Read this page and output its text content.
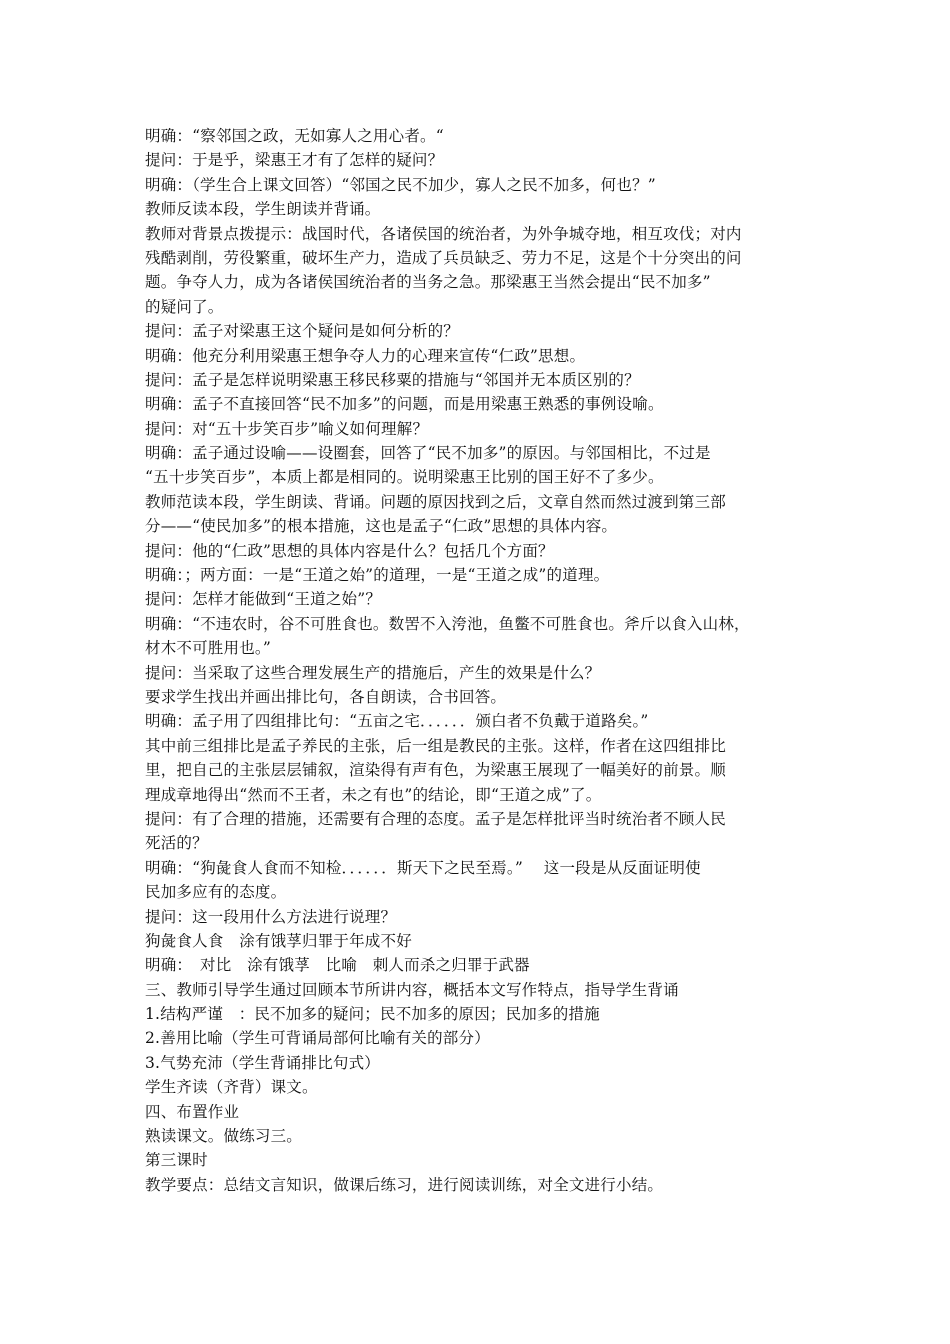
明确：“察邻国之政，无如寡人之用心者。“
提问：于是乎，梁惠王才有了怎样的疑问？
明确：（学生合上课文回答）“邻国之民不加少，寡人之民不加多，何也？”
教师反读本段，学生朗读并背诵。
教师对背景点拨提示：战国时代，各诸侯国的统治者，为外争城夺地，相互攻伐；对内
残酷剥削，劳役繁重，破坏生产力，造成了兵员缺乏、劳力不足，这是个十分突出的问
题。争夺人力，成为各诸侯国统治者的当务之急。那梁惠王当然会提出“民不加多”
的疑问了。
提问：孟子对梁惠王这个疑问是如何分析的？
明确：他充分利用梁惠王想争夺人力的心理来宣传“仁政”思想。
提问：孟子是怎样说明梁惠王移民移粟的措施与“邻国并无本质区别的？
明确：孟子不直接回答“民不加多”的问题，而是用梁惠王熟悉的事例设喻。
提问：对“五十步笑百步”喻义如何理解？
明确：孟子通过设喻——设圈套，回答了“民不加多”的原因。与邻国相比，不过是
“五十步笑百步”，本质上都是相同的。说明梁惠王比别的国王好不了多少。
教师范读本段，学生朗读、背诵。问题的原因找到之后，文章自然而然过渡到第三部
分——“使民加多”的根本措施，这也是孟子“仁政”思想的具体内容。
提问：他的“仁政”思想的具体内容是什么？包括几个方面？
明确：；两方面：一是“王道之始”的道理，一是“王道之成”的道理。
提问：怎样才能做到“王道之始”？
明确：“不违农时，谷不可胜食也。数罟不入洿池，鱼鳖不可胜食也。斧斤以食入山林，
材木不可胜用也。”
提问：当采取了这些合理发展生产的措施后，产生的效果是什么？
要求学生找出并画出排比句，各自朗读，合书回答。
明确：孟子用了四组排比句：“五亩之宅．．．．．．颁白者不负戴于道路矣。”
其中前三组排比是孟子养民的主张，后一组是教民的主张。这样，作者在这四组排比
里，把自己的主张层层铺叙，渲染得有声有色，为梁惠王展现了一幅美好的前景。顺
理成章地得出“然而不王者，未之有也”的结论，即“王道之成”了。
提问：有了合理的措施，还需要有合理的态度。孟子是怎样批评当时统治者不顾人民
死活的？
明确：“狗彘食人食而不知检．．．．．．斯天下之民至焉。”　 这一段是从反面证明使
民加多应有的态度。
提问：这一段用什么方法进行说理？
狗彘食人食　涂有饿莩归罪于年成不好
明确：　对比　涂有饿莩　比喻　刺人而杀之归罪于武器
三、教师引导学生通过回顾本节所讲内容，概括本文写作特点，指导学生背诵
1.结构严谨　：民不加多的疑问；民不加多的原因；民加多的措施
2.善用比喻（学生可背诵局部何比喻有关的部分）
3.气势充沛（学生背诵排比句式）
学生齐读（齐背）课文。
四、布置作业
熟读课文。做练习三。
第三课时
教学要点：总结文言知识，做课后练习，进行阅读训练，对全文进行小结。
